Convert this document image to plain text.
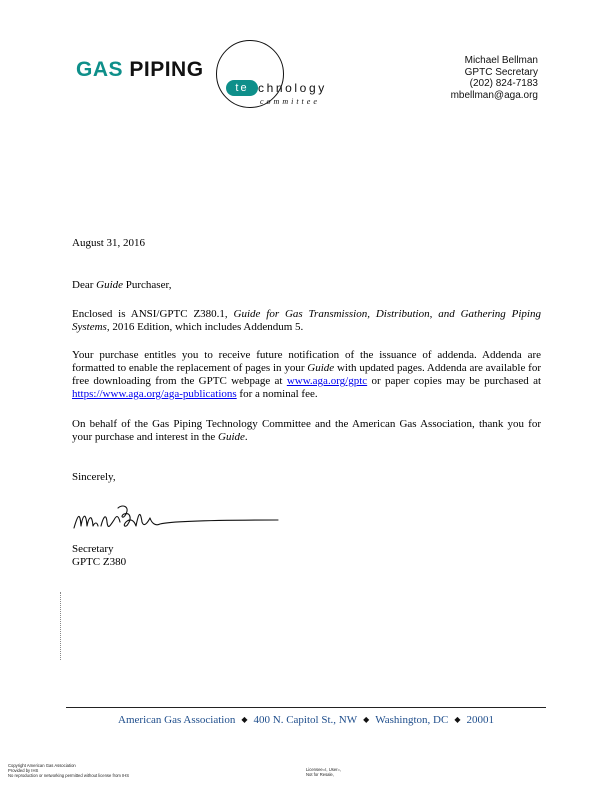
GAS PIPING
te chnology
committee
Michael Bellman
GPTC Secretary
(202) 824-7183
mbellman@aga.org
August 31, 2016
Dear Guide Purchaser,
Enclosed is ANSI/GPTC Z380.1, Guide for Gas Transmission, Distribution, and Gathering Piping Systems, 2016 Edition, which includes Addendum 5.
Your purchase entitles you to receive future notification of the issuance of addenda. Addenda are formatted to enable the replacement of pages in your Guide with updated pages. Addenda are available for free downloading from the GPTC webpage at www.aga.org/gptc or paper copies may be purchased at https://www.aga.org/aga-publications for a nominal fee.
On behalf of the Gas Piping Technology Committee and the American Gas Association, thank you for your purchase and interest in the Guide.
Sincerely,
Secretary
GPTC Z380
American Gas Association ◆ 400 N. Capitol St., NW ◆ Washington, DC ◆ 20001
Copyright American Gas Association
Provided by IHS
No reproduction or networking permitted without license from IHS
Licensee=I, User=,
Not for Resale,
